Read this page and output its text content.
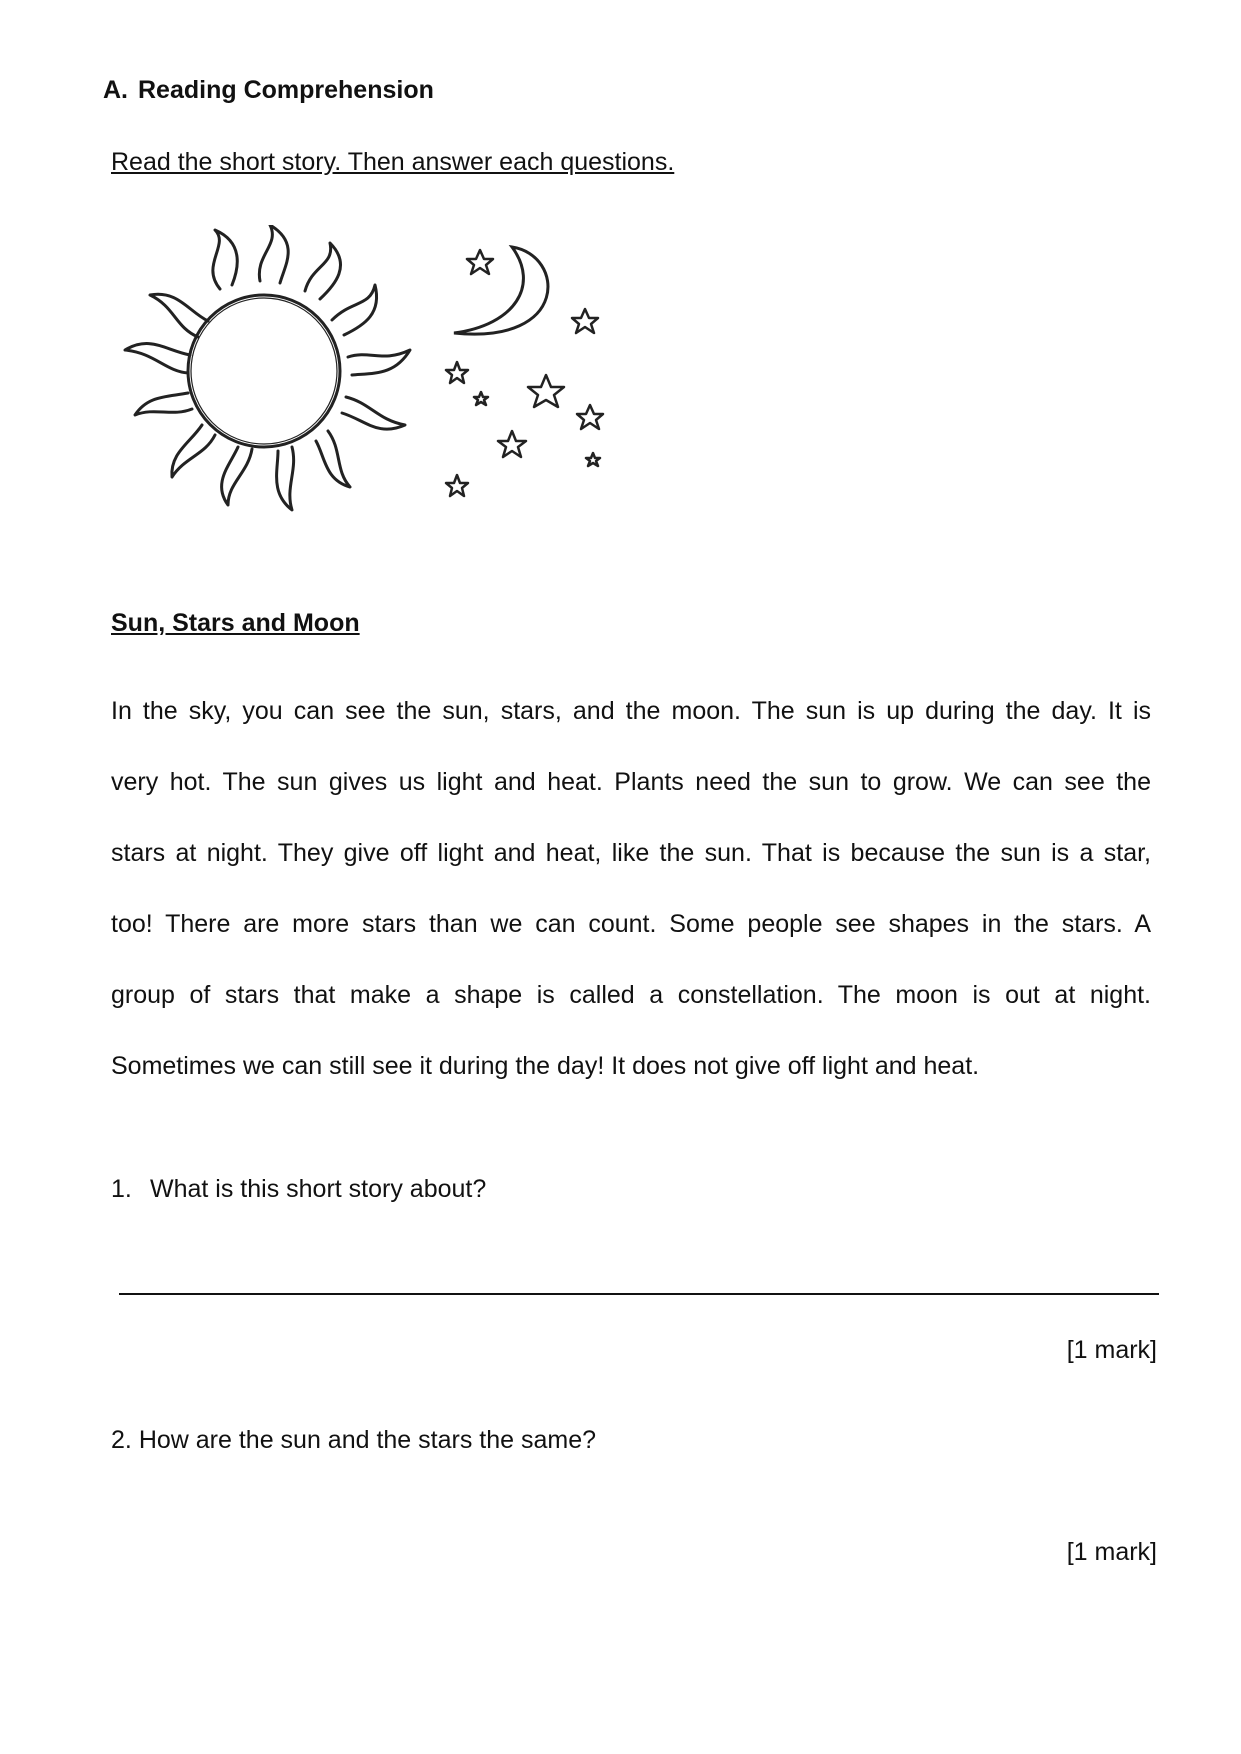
A. Reading Comprehension

Read the short story. Then answer each questions.

Sun, Stars and Moon

In the sky, you can see the sun, stars, and the moon. The sun is up during the day. It is

very hot. The sun gives us light and heat. Plants need the sun to grow. We can see the

stars at night. They give off light and heat, like the sun. That is because the sun is a star,

too! There are more stars than we can count. Some people see shapes in the stars. A

group of stars that make a shape is called a constellation. The moon is out at night.

Sometimes we can still see it during the day! It does not give off light and heat.

1. What is this short story about?

[1 mark]

2. How are the sun and the stars the same?

[1 mark]
